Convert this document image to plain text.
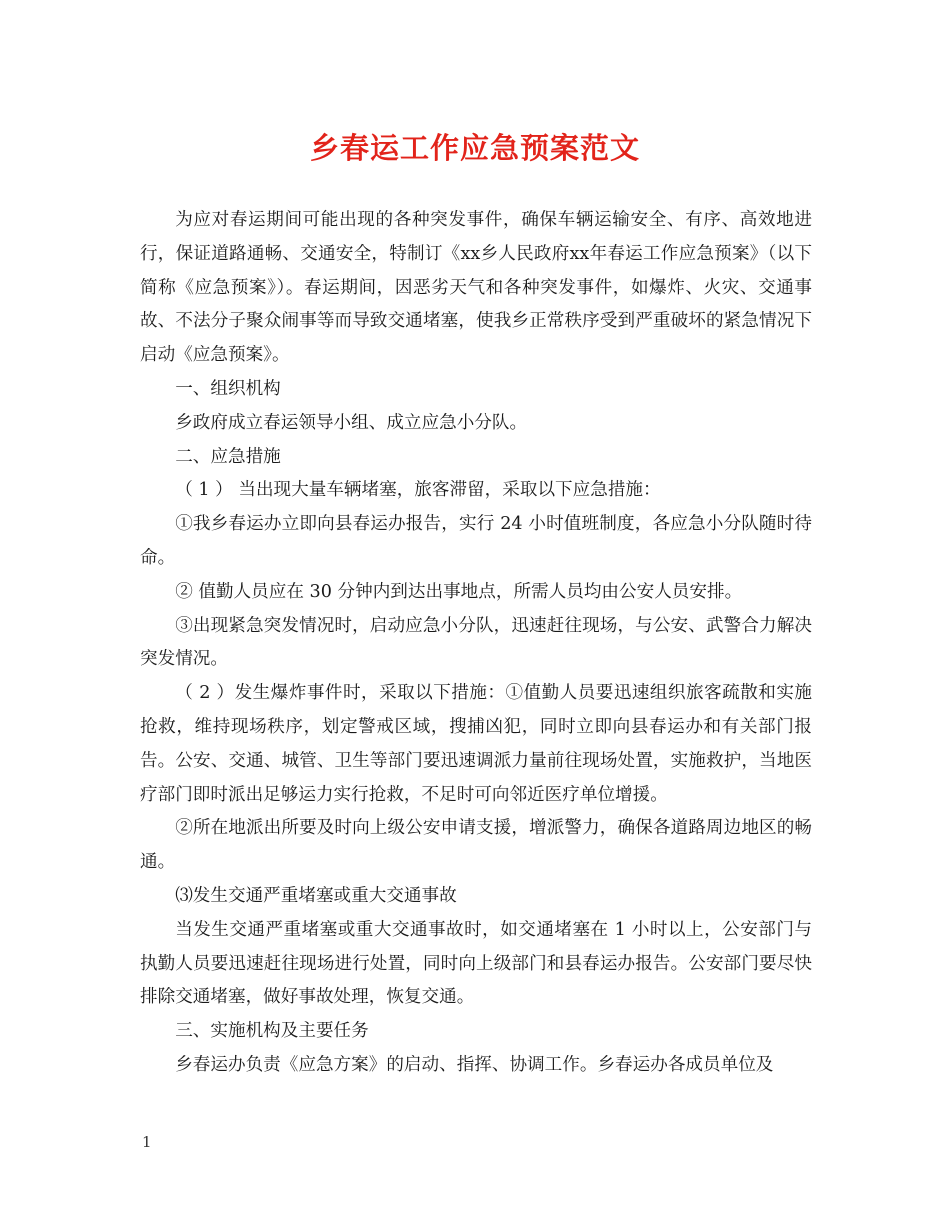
乡春运工作应急预案范文

为应对春运期间可能出现的各种突发事件，确保车辆运输安全、有序、高效地进行，保证道路通畅、交通安全，特制订《xx乡人民政府xx年春运工作应急预案》（以下简称《应急预案》）。春运期间，因恶劣天气和各种突发事件，如爆炸、火灾、交通事故、不法分子聚众闹事等而导致交通堵塞，使我乡正常秩序受到严重破坏的紧急情况下启动《应急预案》。

一、组织机构

乡政府成立春运领导小组、成立应急小分队。

二、应急措施

（ 1 ） 当出现大量车辆堵塞，旅客滞留，采取以下应急措施：

①我乡春运办立即向县春运办报告，实行 24 小时值班制度，各应急小分队随时待命。

② 值勤人员应在 30 分钟内到达出事地点，所需人员均由公安人员安排。

③出现紧急突发情况时，启动应急小分队，迅速赶往现场，与公安、武警合力解决突发情况。

（ 2 ）发生爆炸事件时，采取以下措施：①值勤人员要迅速组织旅客疏散和实施抢救，维持现场秩序，划定警戒区域，搜捕凶犯，同时立即向县春运办和有关部门报告。公安、交通、城管、卫生等部门要迅速调派力量前往现场处置，实施救护，当地医疗部门即时派出足够运力实行抢救，不足时可向邻近医疗单位增援。

②所在地派出所要及时向上级公安申请支援，增派警力，确保各道路周边地区的畅通。

⑶发生交通严重堵塞或重大交通事故

当发生交通严重堵塞或重大交通事故时，如交通堵塞在 1 小时以上，公安部门与执勤人员要迅速赶往现场进行处置，同时向上级部门和县春运办报告。公安部门要尽快排除交通堵塞，做好事故处理，恢复交通。

三、实施机构及主要任务

乡春运办负责《应急方案》的启动、指挥、协调工作。乡春运办各成员单位及

1
